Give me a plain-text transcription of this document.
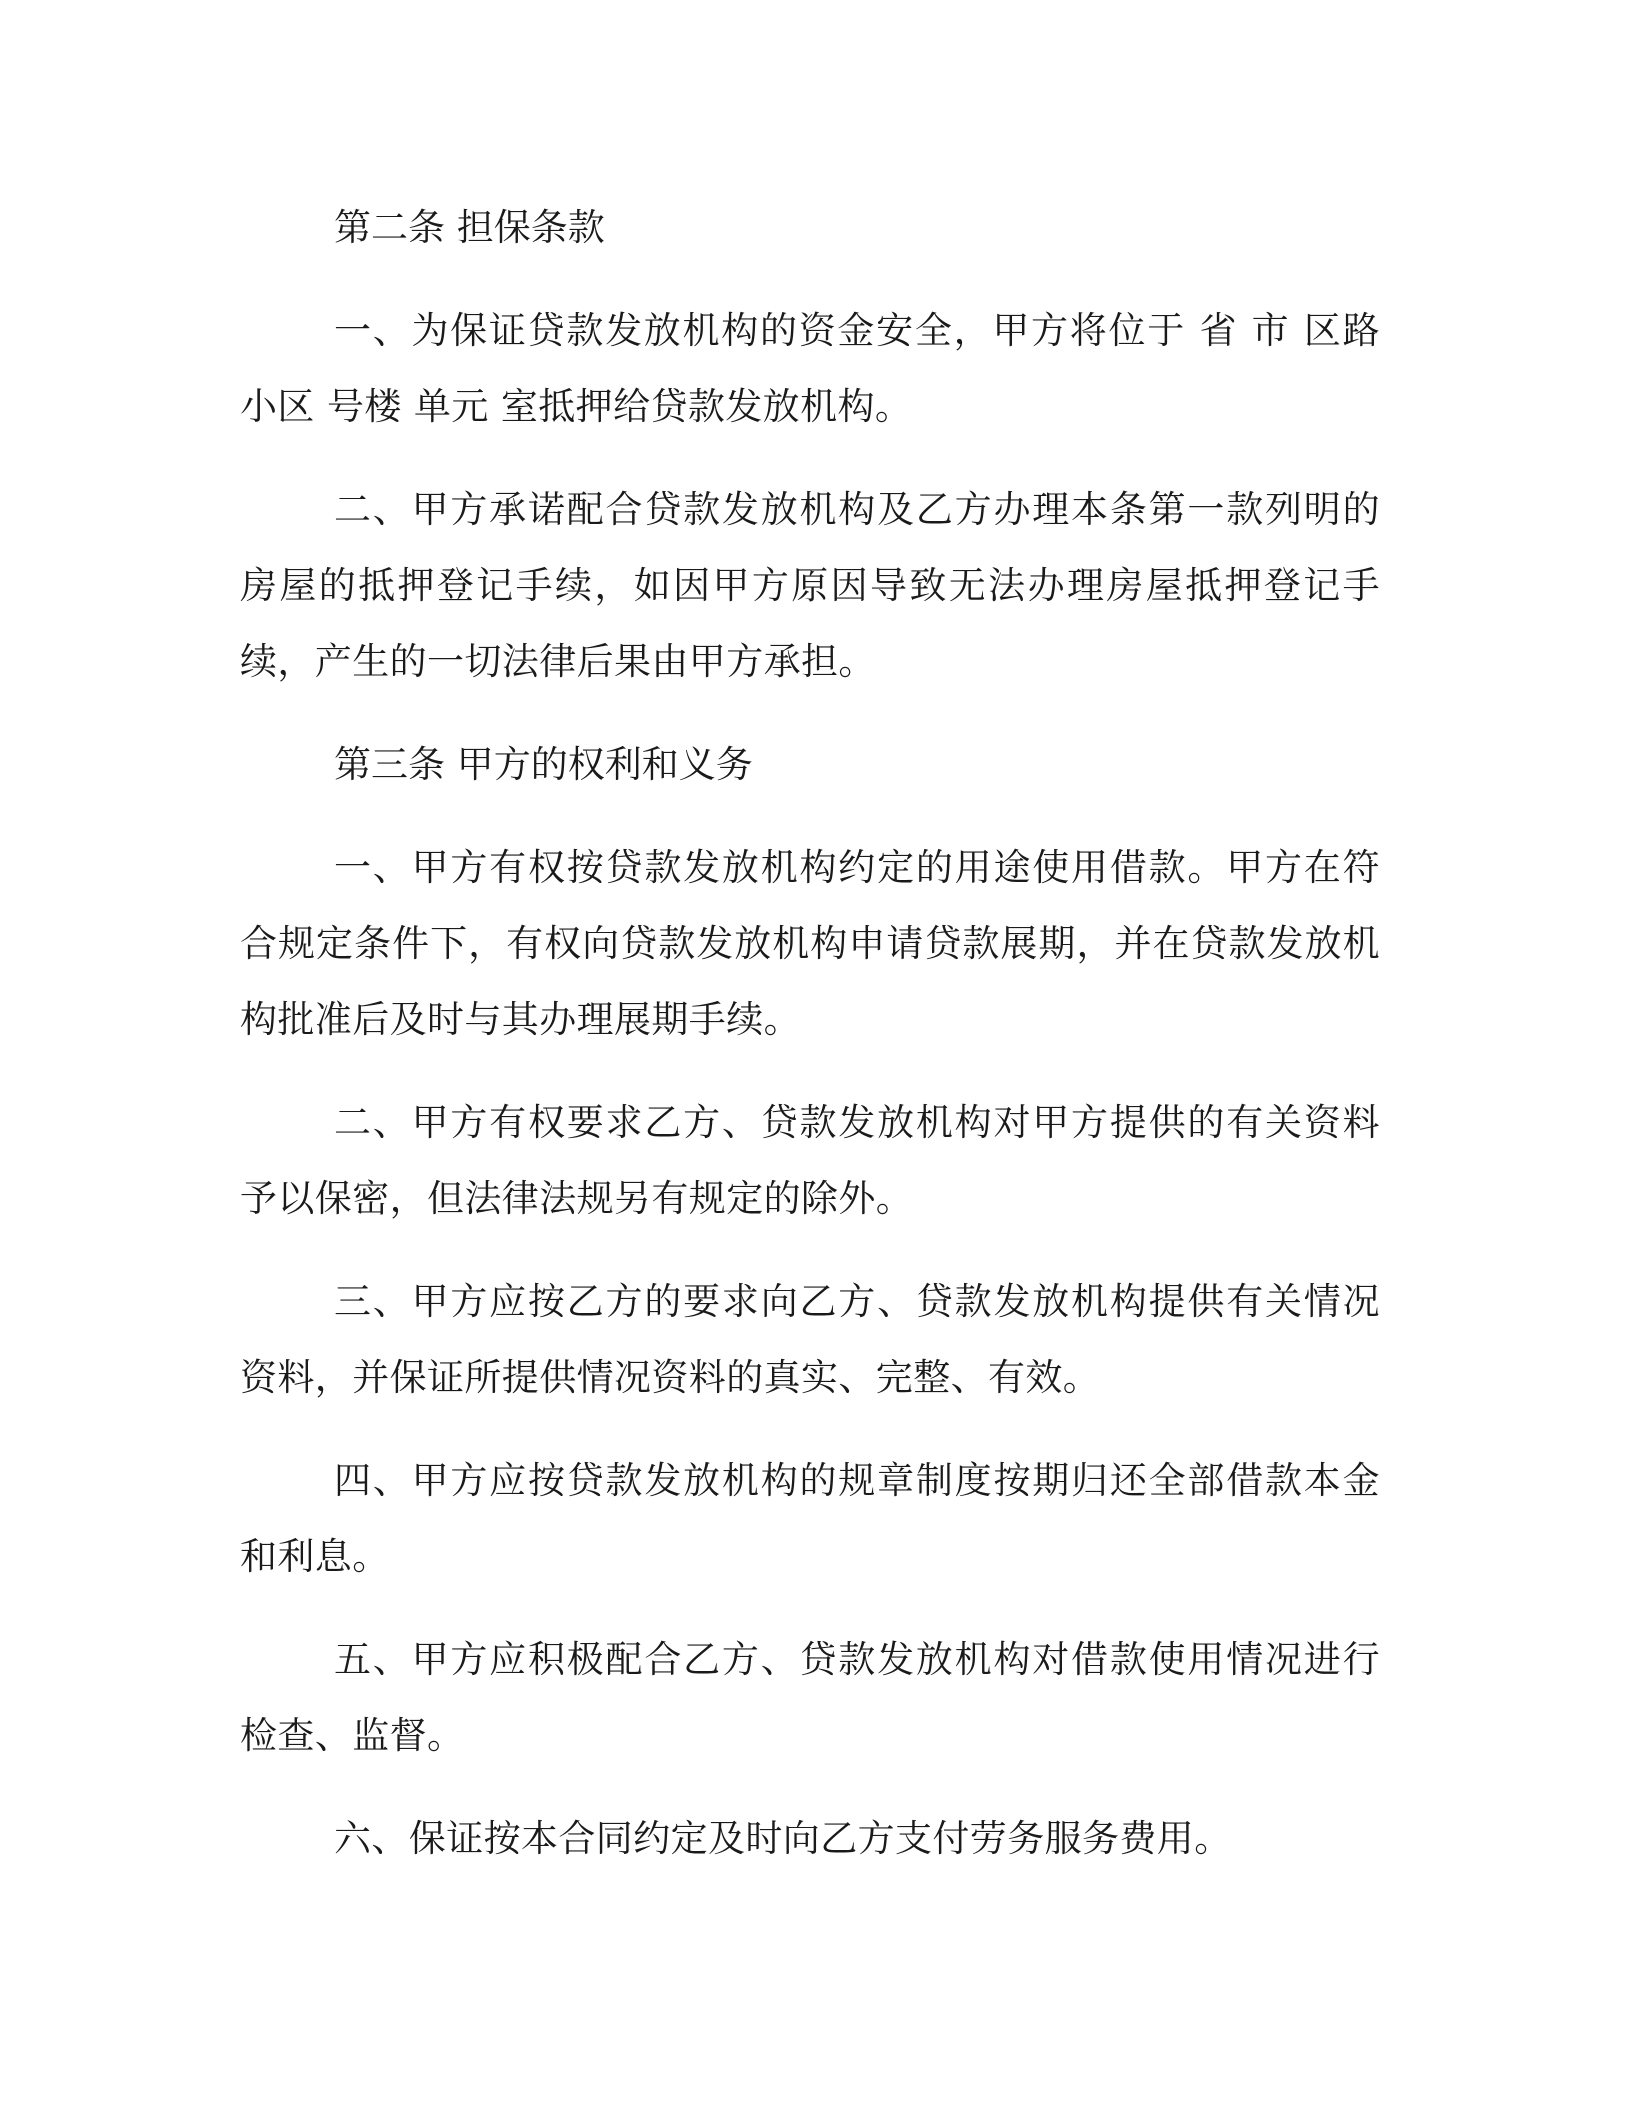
第二条 担保条款

一、为保证贷款发放机构的资金安全，甲方将位于 省 市 区路 小区 号楼 单元 室抵押给贷款发放机构。

二、甲方承诺配合贷款发放机构及乙方办理本条第一款列明的房屋的抵押登记手续，如因甲方原因导致无法办理房屋抵押登记手续，产生的一切法律后果由甲方承担。

第三条 甲方的权利和义务

一、甲方有权按贷款发放机构约定的用途使用借款。甲方在符合规定条件下，有权向贷款发放机构申请贷款展期，并在贷款发放机构批准后及时与其办理展期手续。

二、甲方有权要求乙方、贷款发放机构对甲方提供的有关资料予以保密，但法律法规另有规定的除外。

三、甲方应按乙方的要求向乙方、贷款发放机构提供有关情况资料，并保证所提供情况资料的真实、完整、有效。

四、甲方应按贷款发放机构的规章制度按期归还全部借款本金和利息。

五、甲方应积极配合乙方、贷款发放机构对借款使用情况进行检查、监督。

六、保证按本合同约定及时向乙方支付劳务服务费用。
